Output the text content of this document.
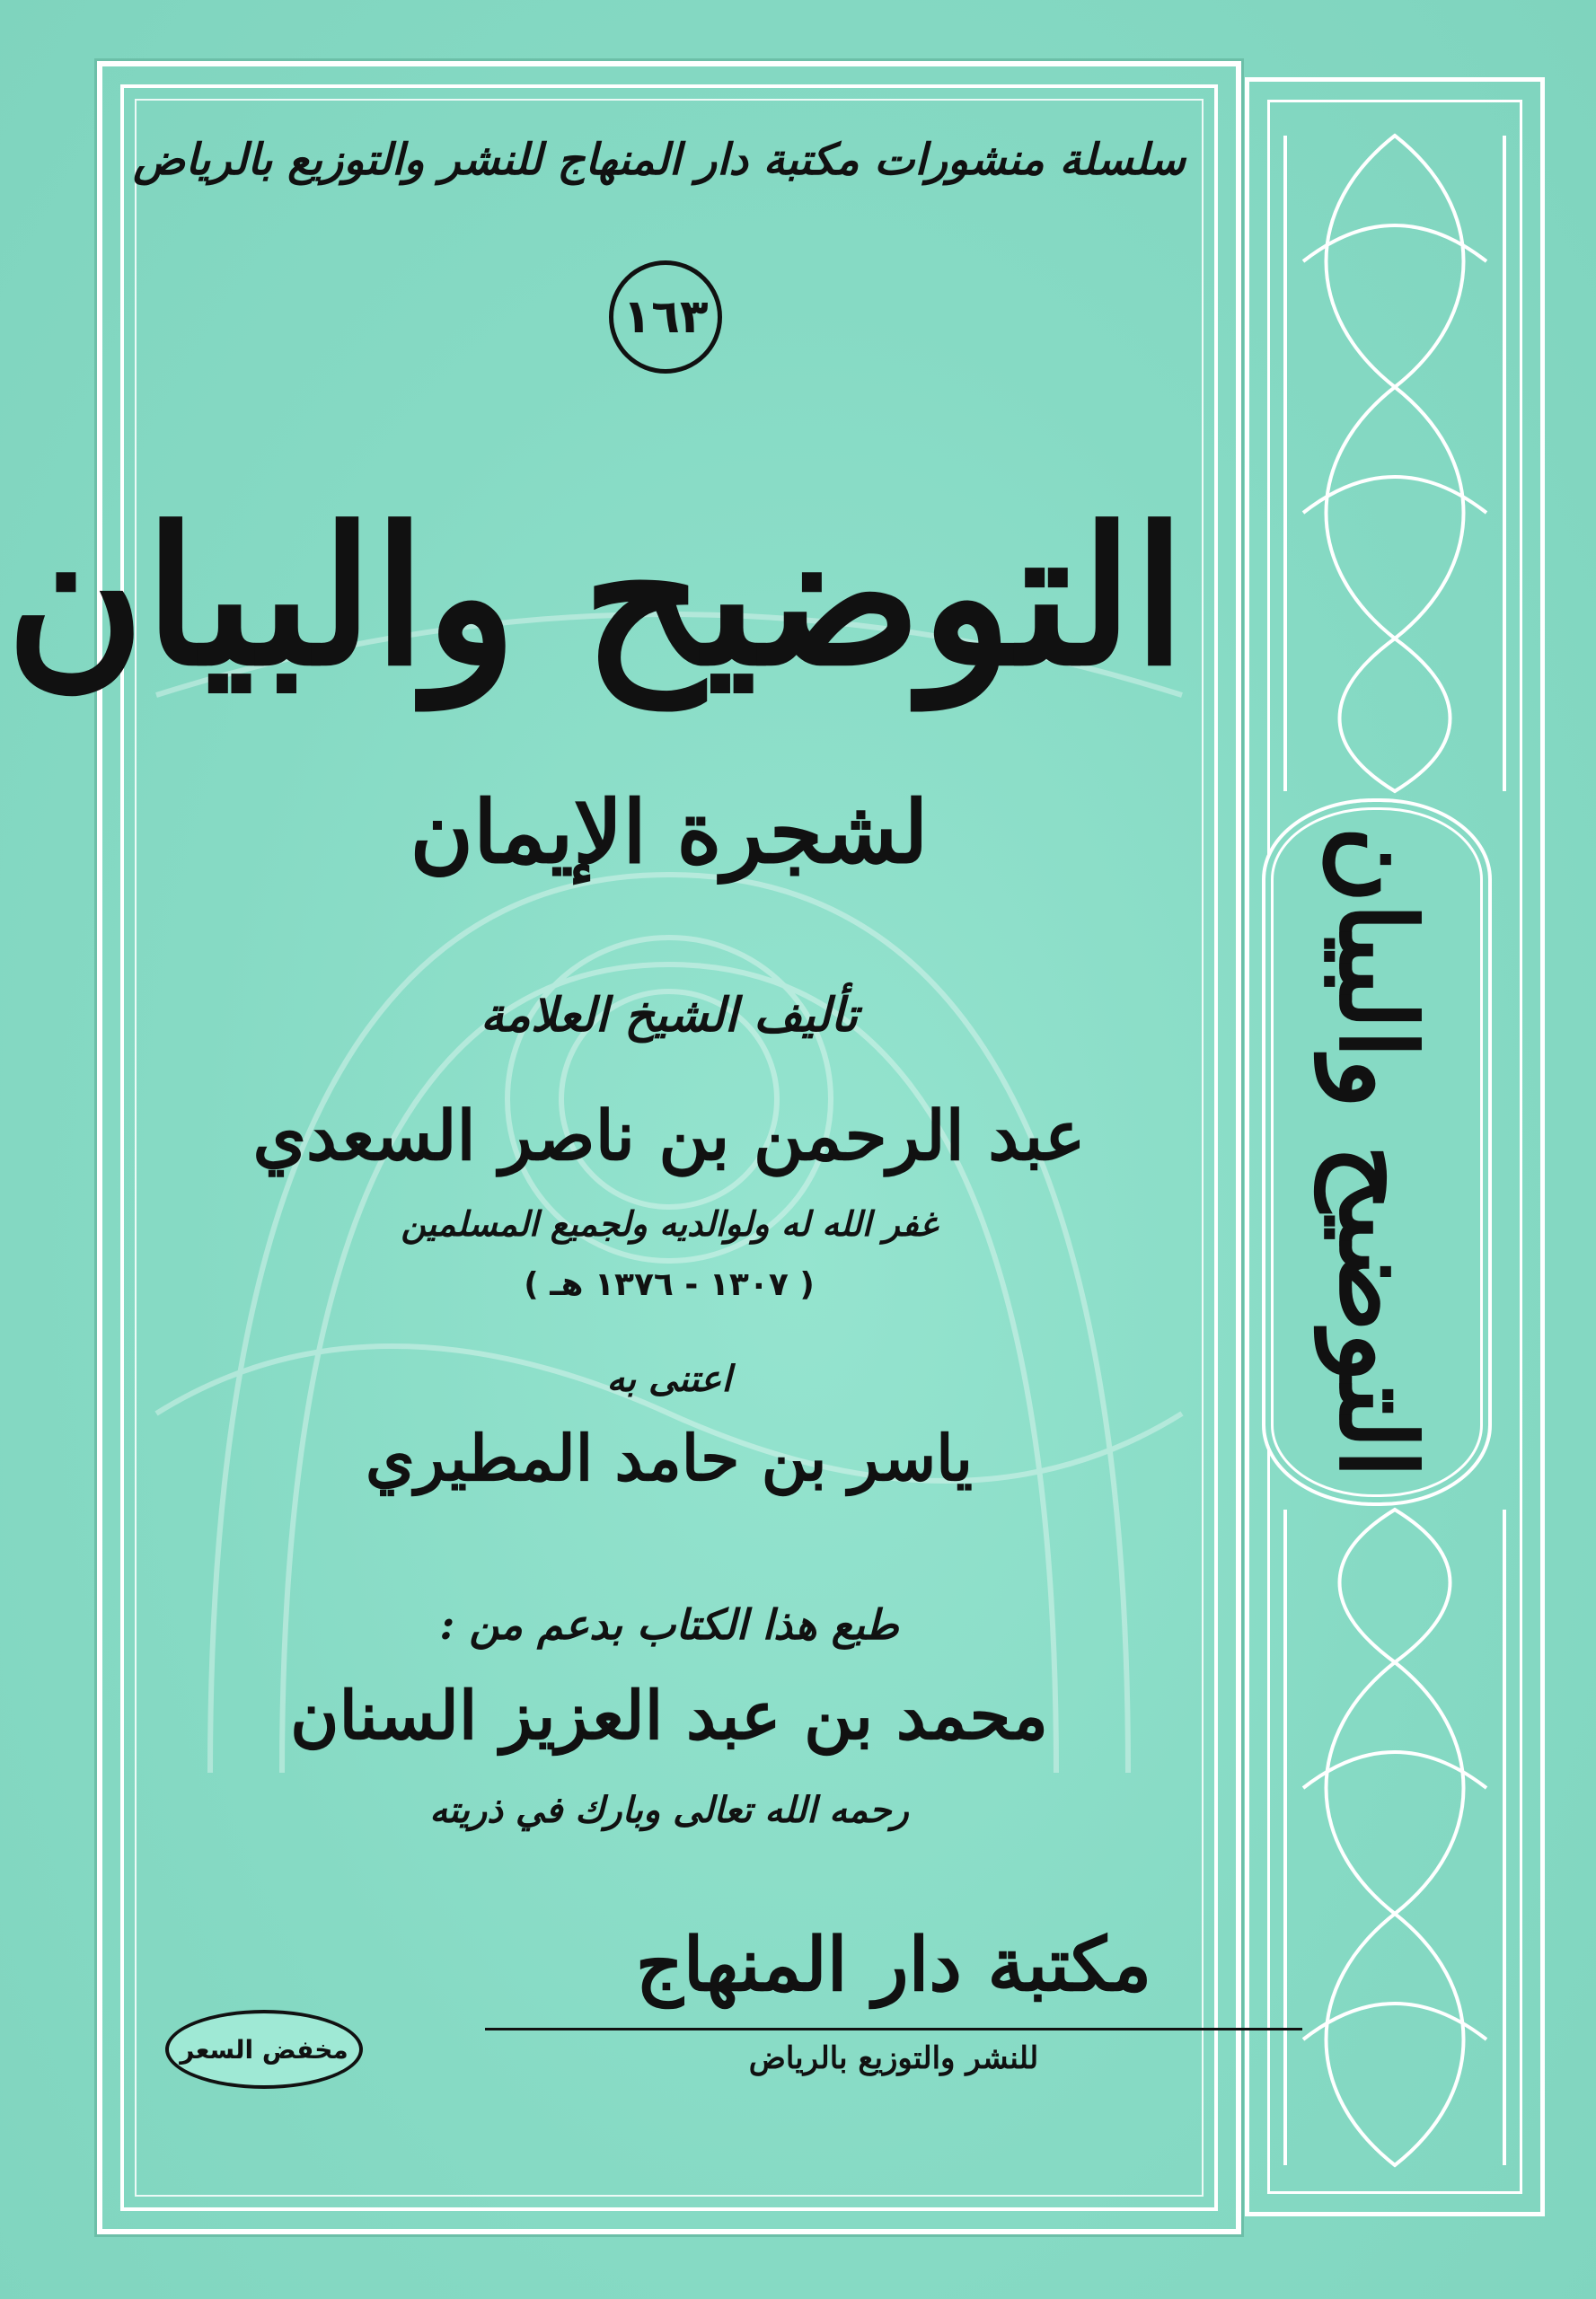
التوضيح والبيان
سلسلة منشورات مكتبة دار المنهاج للنشر والتوزيع بالرياض
١٦٣
التوضيح والبيان
لشجرة الإيمان
تأليف الشيخ العلامة
عبد الرحمن بن ناصر السعدي
غفر الله له ولوالديه ولجميع المسلمين
( ١٣٠٧ - ١٣٧٦ هـ )
اعتنى به
ياسر بن حامد المطيري
طبع هذا الكتاب بدعم من :
محمد بن عبد العزيز السنان
رحمه الله تعالى وبارك في ذريته
مكتبة دار المنهاج
للنشر والتوزيع بالرياض
مخفض السعر
